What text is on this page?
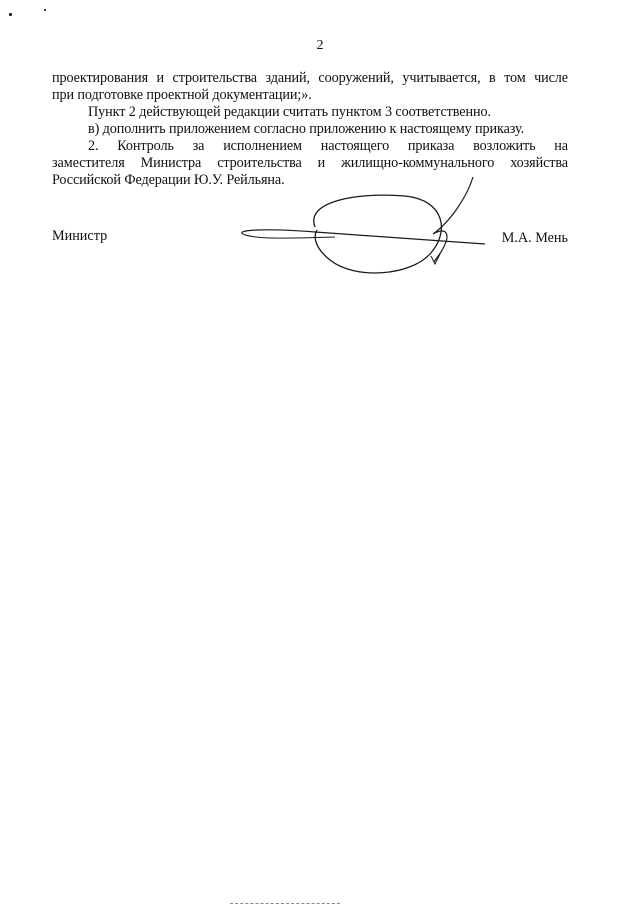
2
проектирования и строительства зданий, сооружений, учитывается, в том числе
при подготовке проектной документации;».
Пункт 2 действующей редакции считать пунктом 3 соответственно.
в) дополнить приложением согласно приложению к настоящему приказу.
2. Контроль за исполнением настоящего приказа возложить на
заместителя Министра строительства и жилищно-коммунального хозяйства
Российской Федерации Ю.У. Рейльяна.
Министр	М.А. Мень
